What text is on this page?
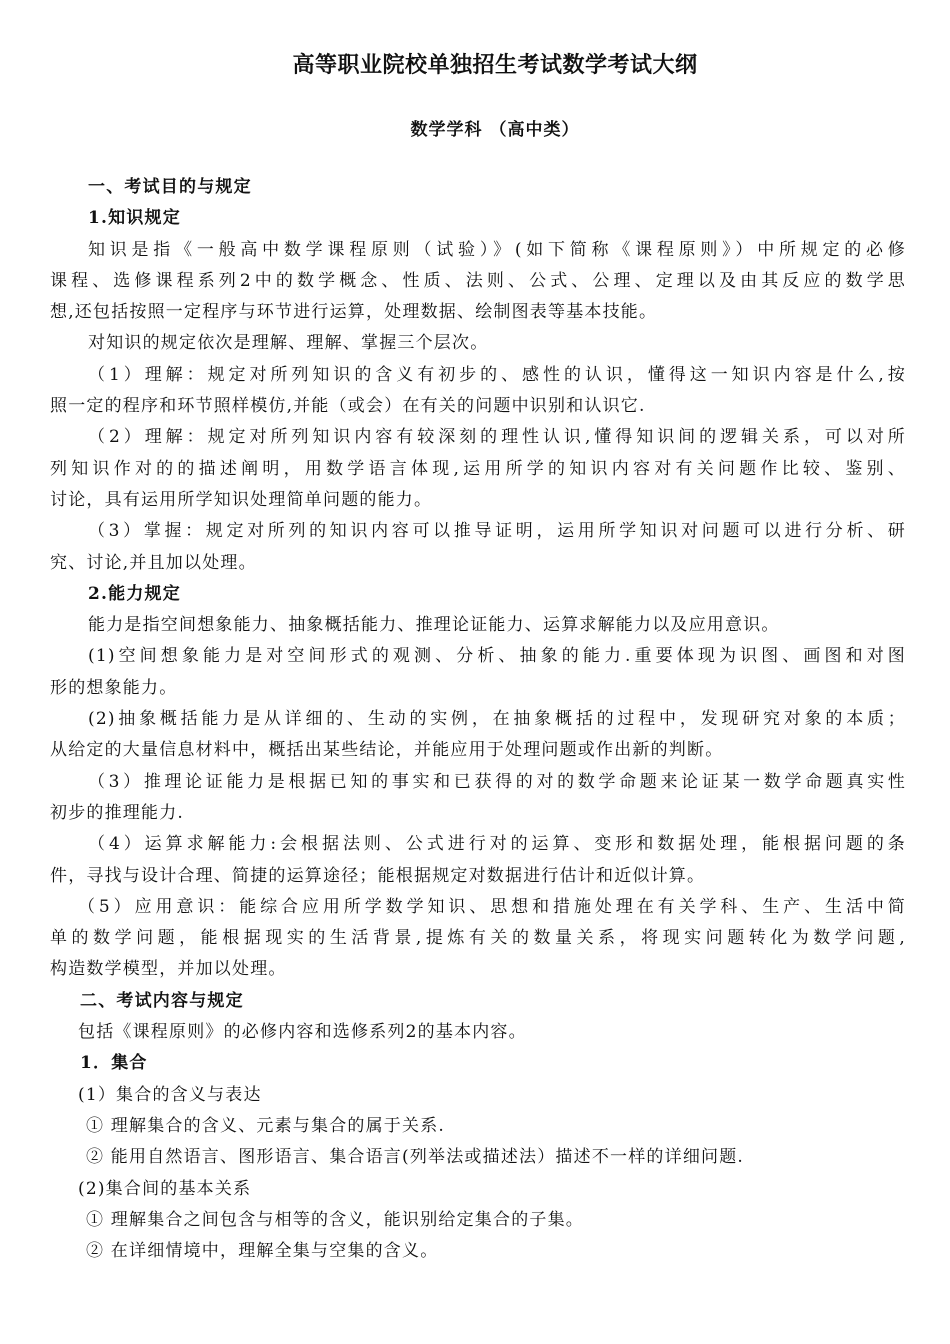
高等职业院校单独招生考试数学考试大纲
数学学科 （高中类）
一、考试目的与规定
1.知识规定
知识是指《一般高中数学课程原则（试验）》(如下简称《课程原则》）中所规定的必修
课程、选修课程系列2中的数学概念、性质、法则、公式、公理、定理以及由其反应的数学思
想,还包括按照一定程序与环节进行运算，处理数据、绘制图表等基本技能。
对知识的规定依次是理解、理解、掌握三个层次。
（1）理解：规定对所列知识的含义有初步的、感性的认识，懂得这一知识内容是什么,按
照一定的程序和环节照样模仿,并能（或会）在有关的问题中识别和认识它.
（2）理解：规定对所列知识内容有较深刻的理性认识,懂得知识间的逻辑关系，可以对所
列知识作对的的描述阐明，用数学语言体现,运用所学的知识内容对有关问题作比较、鉴别、
讨论，具有运用所学知识处理简单问题的能力。
（3）掌握：规定对所列的知识内容可以推导证明，运用所学知识对问题可以进行分析、研
究、讨论,并且加以处理。
2.能力规定
能力是指空间想象能力、抽象概括能力、推理论证能力、运算求解能力以及应用意识。
(1)空间想象能力是对空间形式的观测、分析、抽象的能力.重要体现为识图、画图和对图
形的想象能力。
(2)抽象概括能力是从详细的、生动的实例，在抽象概括的过程中，发现研究对象的本质；
从给定的大量信息材料中，概括出某些结论，并能应用于处理问题或作出新的判断。
（3）推理论证能力是根据已知的事实和已获得的对的数学命题来论证某一数学命题真实性
初步的推理能力.
（4）运算求解能力:会根据法则、公式进行对的运算、变形和数据处理，能根据问题的条
件，寻找与设计合理、简捷的运算途径；能根据规定对数据进行估计和近似计算。
（5）应用意识：能综合应用所学数学知识、思想和措施处理在有关学科、生产、生活中简
单的数学问题，能根据现实的生活背景,提炼有关的数量关系，将现实问题转化为数学问题,
构造数学模型，并加以处理。
二、考试内容与规定
包括《课程原则》的必修内容和选修系列2的基本内容。
1．集合
(1）集合的含义与表达
① 理解集合的含义、元素与集合的属于关系.
② 能用自然语言、图形语言、集合语言(列举法或描述法）描述不一样的详细问题.
(2)集合间的基本关系
① 理解集合之间包含与相等的含义，能识别给定集合的子集。
② 在详细情境中，理解全集与空集的含义。
